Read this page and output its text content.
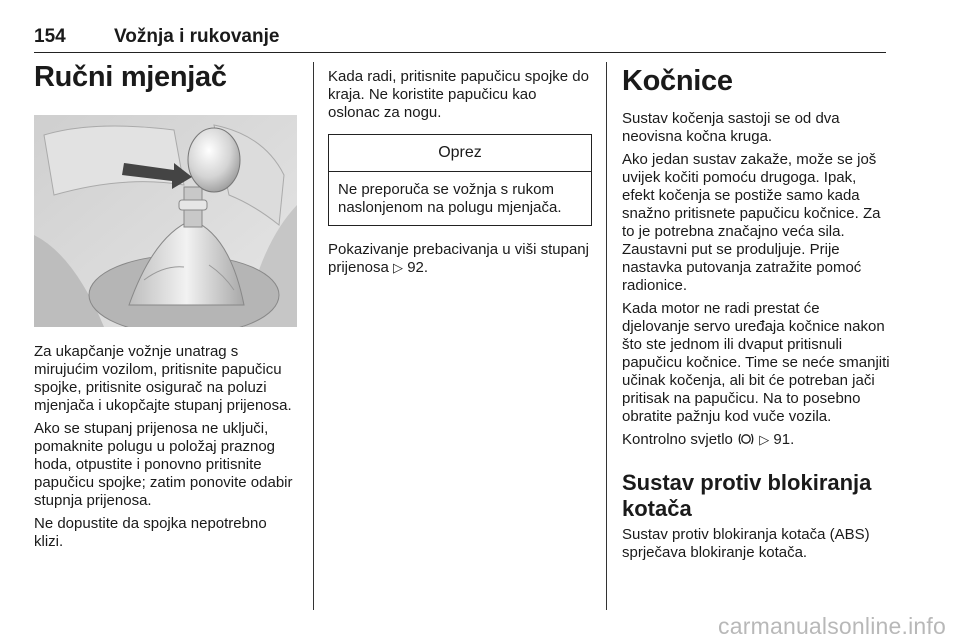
154	Vožnja i rukovanje
Ručni mjenjač

Za ukapčanje vožnje unatrag s mirujućim vozilom, pritisnite papučicu spojke, pritisnite osigurač na poluzi mjenjača i ukopčajte stupanj prijenosa.

Ako se stupanj prijenosa ne uključi, pomaknite polugu u položaj praznog hoda, otpustite i ponovno pritisnite papučicu spojke; zatim ponovite odabir stupnja prijenosa.

Ne dopustite da spojka nepotrebno klizi.

Kada radi, pritisnite papučicu spojke do kraja. Ne koristite papučicu kao oslonac za nogu.

Oprez
Ne preporuča se vožnja s rukom naslonjenom na polugu mjenjača.

Pokazivanje prebacivanja u viši stupanj prijenosa ▷ 92.

Kočnice

Sustav kočenja sastoji se od dva neovisna kočna kruga.

Ako jedan sustav zakaže, može se još uvijek kočiti pomoću drugoga. Ipak, efekt kočenja se postiže samo kada snažno pritisnete papučicu kočnice. Za to je potrebna značajno veća sila. Zaustavni put se produljuje. Prije nastavka putovanja zatražite pomoć radionice.

Kada motor ne radi prestat će djelovanje servo uređaja kočnice nakon što ste jednom ili dvaput pritisnuli papučicu kočnice. Time se neće smanjiti učinak kočenja, ali bit će potreban jači pritisak na papučicu. Na to posebno obratite pažnju kod vuče vozila.

Kontrolno svjetlo ▷ 91.

Sustav protiv blokiranja kotača

Sustav protiv blokiranja kotača (ABS) sprječava blokiranje kotača.

carmanualsonline.info
